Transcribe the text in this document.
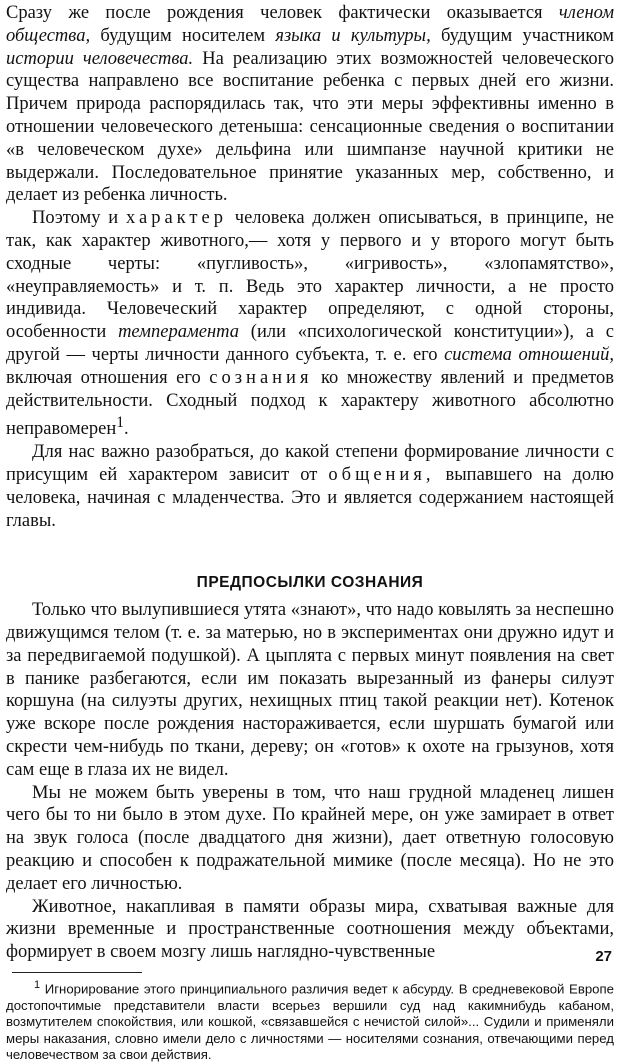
Сразу же после рождения человек фактически оказывается членом обществa, будущим носителем языка и культуры, будущим участником истории человечества. На реализацию этих возможностей человеческого существа направлено все воспитание ребенка с первых дней его жизни. Причем природа распорядилась так, что эти меры эффективны именно в отношении человеческого детеныша: сенсационные сведения о воспитании «в человеческом духе» дельфина или шимпанзе научной критики не выдержали. Последовательное принятие указанных мер, собственно, и делает из ребенка личность.

Поэтому и характер человека должен описываться, в принципе, не так, как характер животного,— хотя у первого и у второго могут быть сходные черты: «пугливость», «игривость», «злопамятство», «неуправляемость» и т. п. Ведь это характер личности, а не просто индивида. Человеческий характер определяют, с одной стороны, особенности темперамента (или «психологической конституции»), а с другой — черты личности данного субъекта, т. е. его система отношений, включая отношения его сознания ко множеству явлений и предметов действительности. Сходный подход к характеру животного абсолютно неправомерен$^1$.

Для нас важно разобраться, до какой степени формирование личности с присущим ей характером зависит от общения, выпавшего на долю человека, начиная с младенчества. Это и является содержанием настоящей главы.

ПРЕДПОСЫЛКИ СОЗНАНИЯ

Только что вылупившиеся утята «знают», что надо ковылять за неспешно движущимся телом (т. е. за матерью, но в экспериментах они дружно идут и за передвигаемой подушкой). А цыплята с первых минут появления на свет в панике разбегаются, если им показать вырезанный из фанеры силуэт коршуна (на силуэты других, нехищных птиц такой реакции нет). Котенок уже вскоре после рождения настораживается, если шуршать бумагой или скрести чем-нибудь по ткани, дереву; он «готов» к охоте на грызунов, хотя сам еще в глаза их не видел.

Мы не можем быть уверены в том, что наш грудной младенец лишен чего бы то ни было в этом духе. По крайней мере, он уже замирает в ответ на звук голоса (после двадцатого дня жизни), дает ответную голосовую реакцию и способен к подражательной мимике (после месяца). Но не это делает его личностью.

Животное, накапливая в памяти образы мира, схватывая важные для жизни временные и пространственные соотношения между объектами, формирует в своем мозгу лишь наглядно-чувственные

$^1$ Игнорирование этого принципиального различия ведет к абсурду. В средневековой Европе достопочтимые представители власти всерьез вершили суд над какимнибудь кабаном, возмутителем спокойствия, или кошкой, «связавшейся с нечистой силой»... Судили и применяли меры наказания, словно имели дело с личностями — носителями сознания, отвечающими перед человечеством за свои действия.

27
